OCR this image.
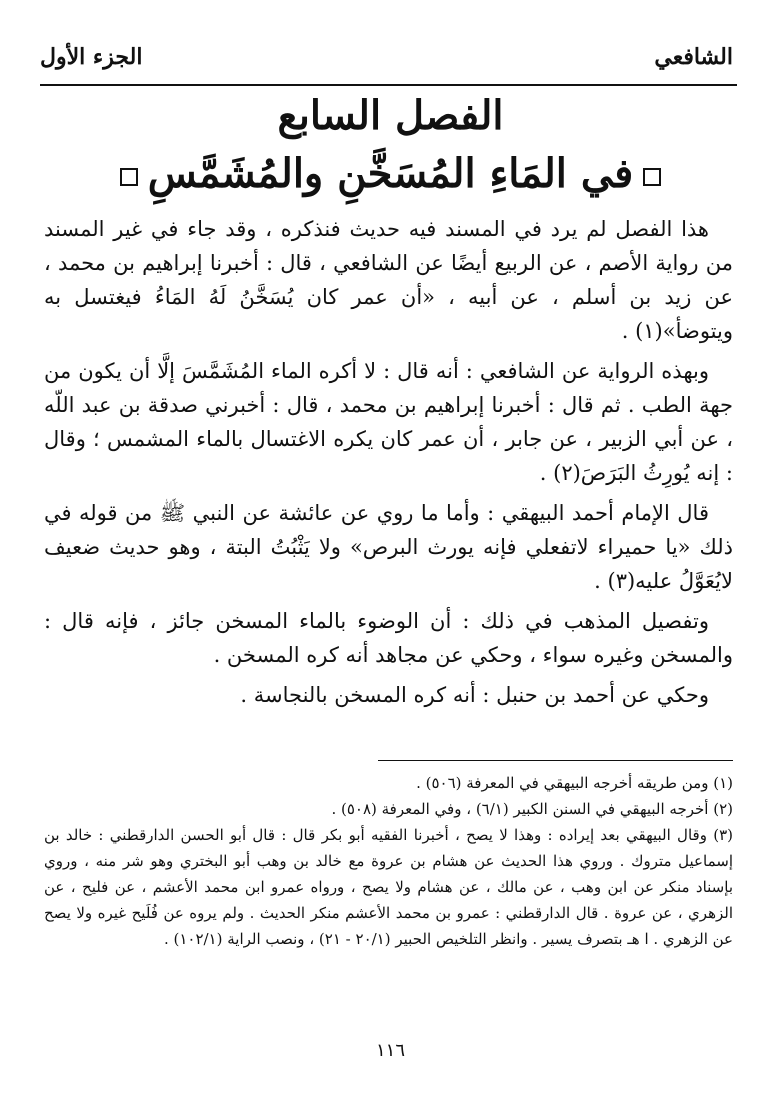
الشافعي
الجزء الأول
الفصل السابع
في المَاءِ المُسَخَّنِ والمُشَمَّسِ

هذا الفصل لم يرد في المسند فيه حديث فنذكره ، وقد جاء في غير المسند من رواية الأصم ، عن الربيع أيضًا عن الشافعي ، قال : أخبرنا إبراهيم بن محمد ، عن زيد بن أسلم ، عن أبيه ، «أن عمر كان يُسَخَّنُ لَهُ المَاءُ فيغتسل به ويتوضأ»(١) .

وبهذه الرواية عن الشافعي : أنه قال : لا أكره الماء المُشَمَّسَ إلَّا أن يكون من جهة الطب . ثم قال : أخبرنا إبراهيم بن محمد ، قال : أخبرني صدقة بن عبد اللّه ، عن أبي الزبير ، عن جابر ، أن عمر كان يكره الاغتسال بالماء المشمس ؛ وقال : إنه يُورِثُ البَرَصَ(٢) .

قال الإمام أحمد البيهقي : وأما ما روي عن عائشة عن النبي ﷺ من قوله في ذلك «يا حميراء لاتفعلي فإنه يورث البرص» ولا يَثْبُتُ البتة ، وهو حديث ضعيف لايُعَوَّلُ عليه(٣) .

وتفصيل المذهب في ذلك : أن الوضوء بالماء المسخن جائز ، فإنه قال : والمسخن وغيره سواء ، وحكي عن مجاهد أنه كره المسخن .

وحكي عن أحمد بن حنبل : أنه كره المسخن بالنجاسة .

(١) ومن طريقه أخرجه البيهقي في المعرفة (٥٠٦) .

(٢) أخرجه البيهقي في السنن الكبير (٦/١) ، وفي المعرفة (٥٠٨) .

(٣) وقال البيهقي بعد إيراده : وهذا لا يصح ، أخبرنا الفقيه أبو بكر قال : قال أبو الحسن الدارقطني : خالد بن إسماعيل متروك . وروي هذا الحديث عن هشام بن عروة مع خالد بن وهب أبو البختري وهو شر منه ، وروي بإسناد منكر عن ابن وهب ، عن مالك ، عن هشام ولا يصح ، ورواه عمرو ابن محمد الأعشم ، عن فليح ، عن الزهري ، عن عروة . قال الدارقطني : عمرو بن محمد الأعشم منكر الحديث . ولم يروه عن فُلَيح غيره ولا يصح عن الزهري . ا هـ بتصرف يسير . وانظر التلخيص الحبير (٢٠/١ - ٢١) ، ونصب الراية (١٠٢/١) .

١١٦
